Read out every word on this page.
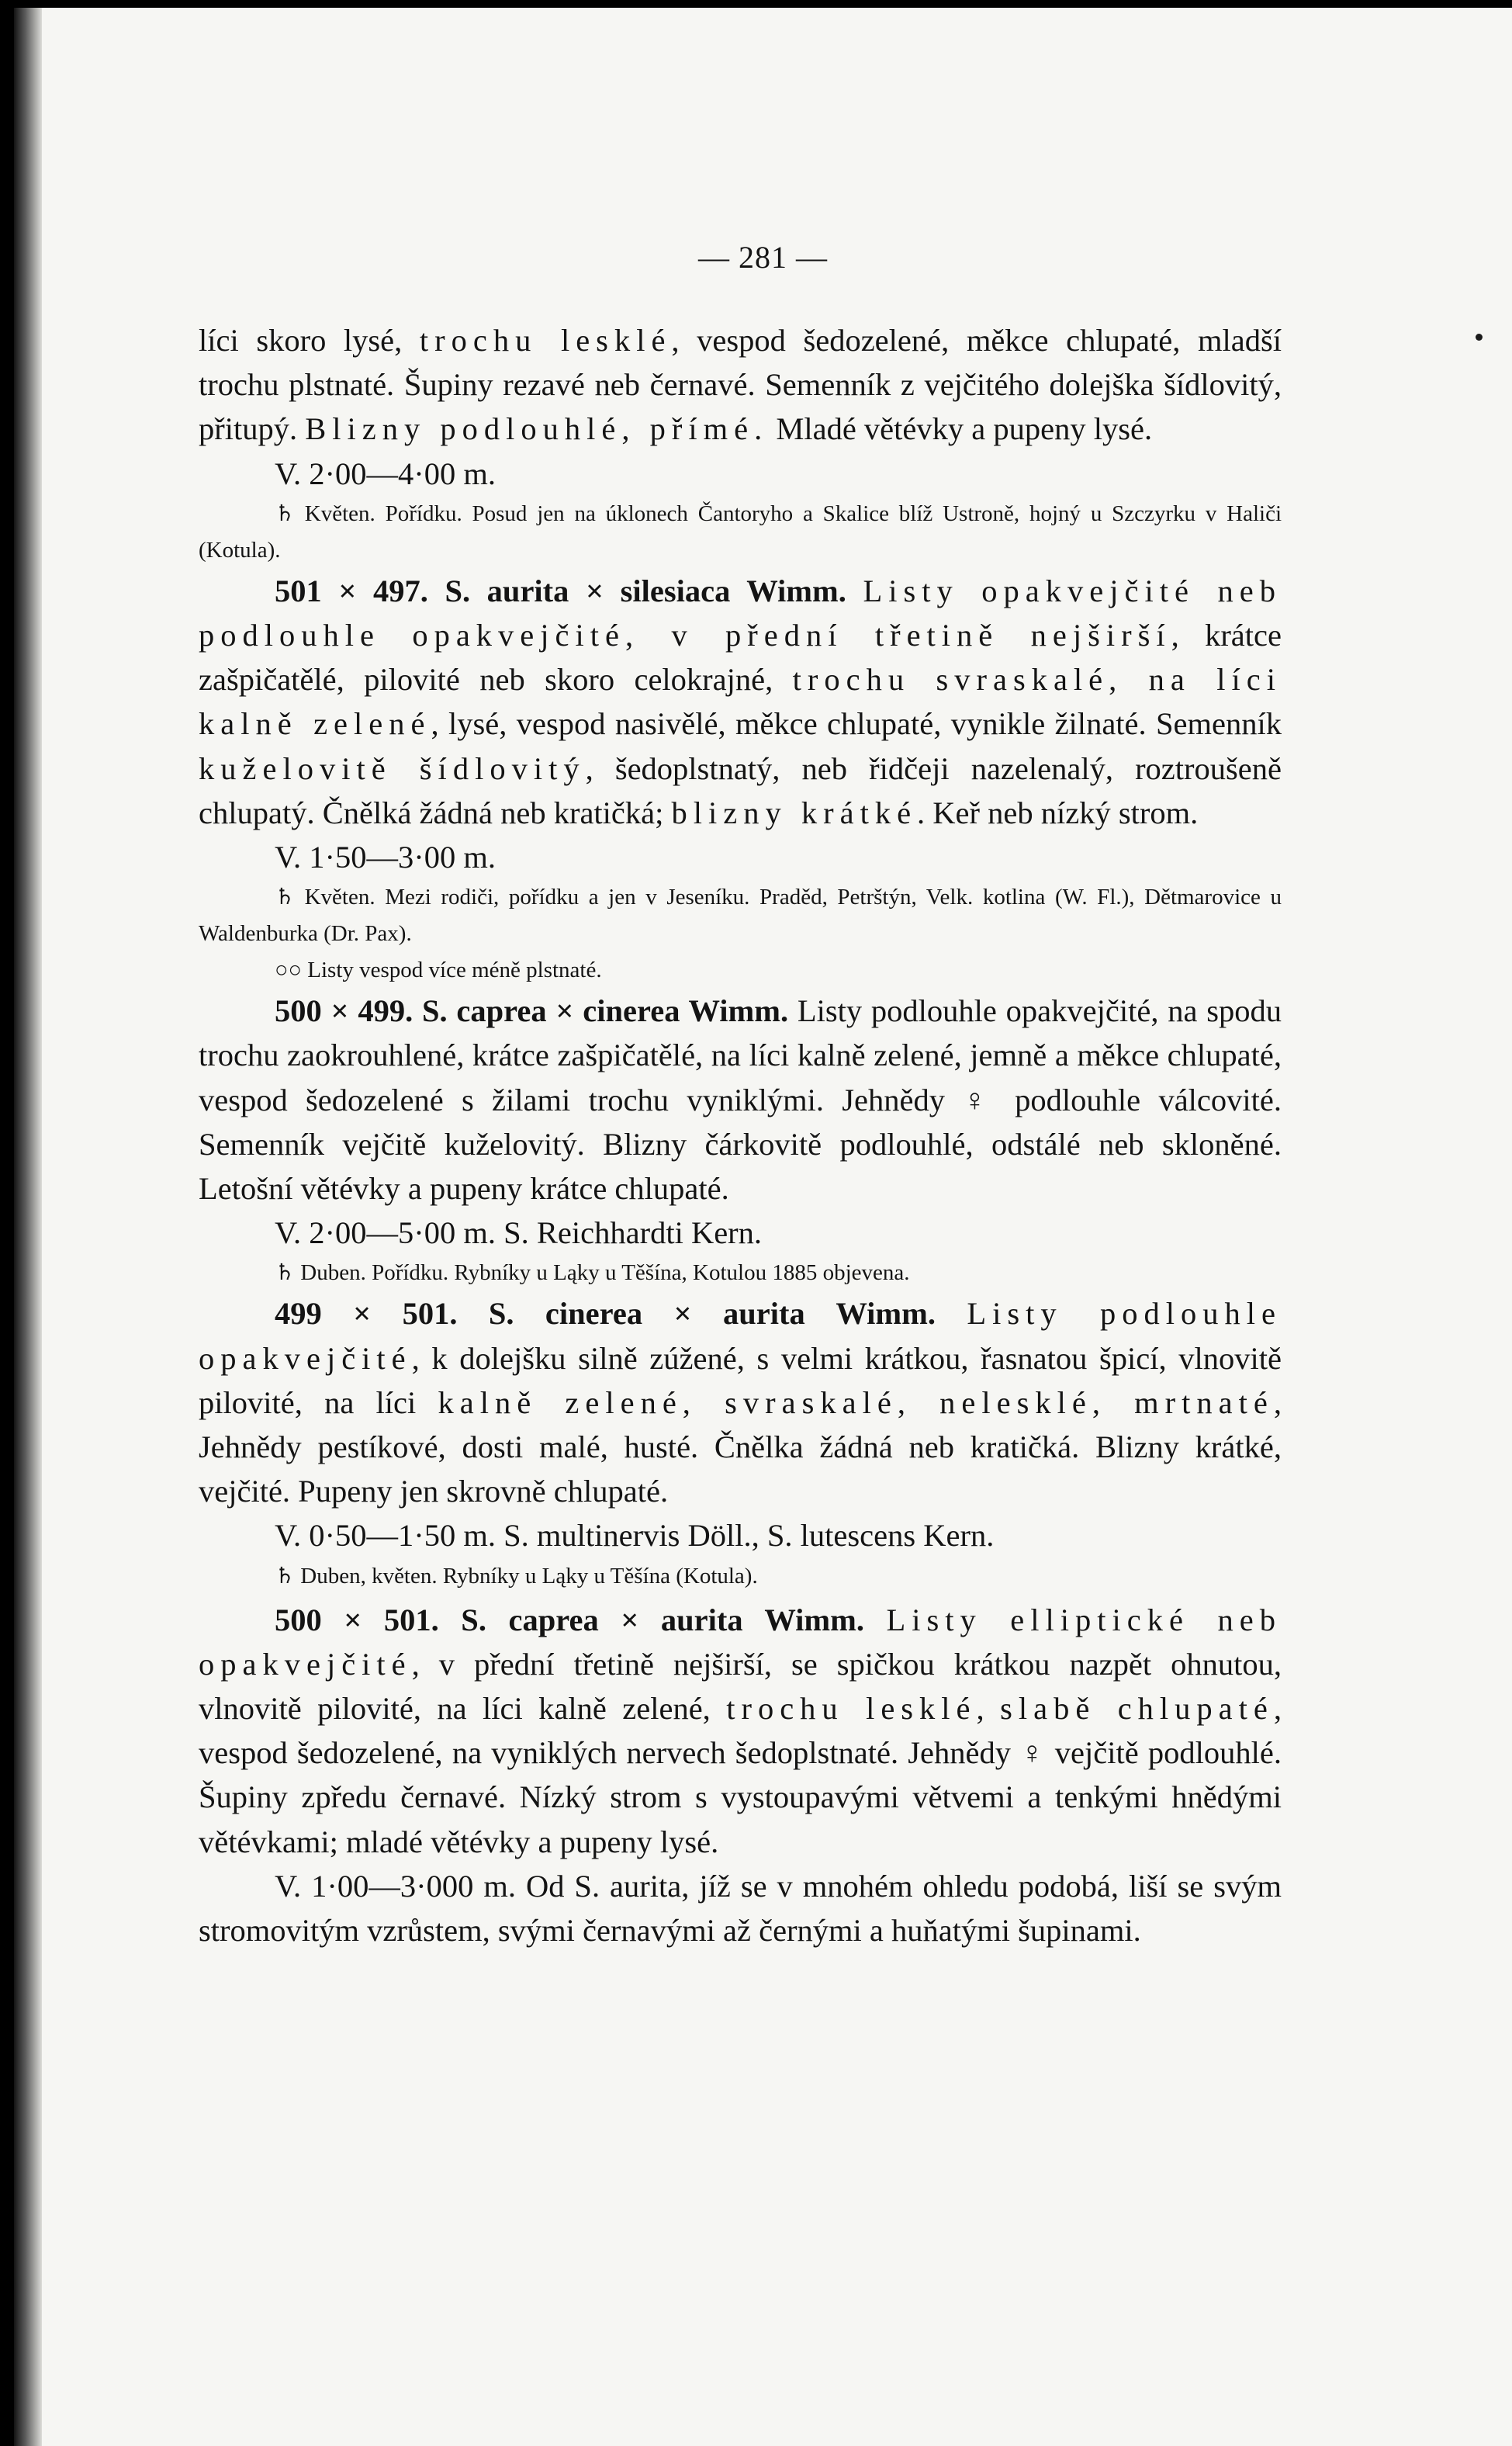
— 281 —

líci skoro lysé, trochu lesklé, vespod šedozelené, měkce chlupaté, mladší trochu plstnaté. Šupiny rezavé neb černavé. Semenník z vejčitého dolejška šídlovitý, přitupý. Blizny podlouhlé, přímé. Mladé větévky a pupeny lysé.

V. 2·00—4·00 m.

♄ Květen. Pořídku. Posud jen na úklonech Čantoryho a Skalice blíž Ustroně, hojný u Szczyrku v Haliči (Kotula).

501 × 497. S. aurita × silesiaca Wimm. Listy opakvejčité neb podlouhle opakvejčité, v přední třetině nejširší, krátce zašpičatělé, pilovité neb skoro celokrajné, trochu svraskalé, na líci kalně zelené, lysé, vespod nasivělé, měkce chlupaté, vynikle žilnaté. Semenník kuželovitě šídlovitý, šedoplstnatý, neb řidčeji nazelenalý, roztroušeně chlupatý. Čnělká žádná neb kratičká; blizny krátké. Keř neb nízký strom.

V. 1·50—3·00 m.

♄ Květen. Mezi rodiči, pořídku a jen v Jeseníku. Praděd, Petrštýn, Velk. kotlina (W. Fl.), Dětmarovice u Waldenburka (Dr. Pax).

○○ Listy vespod více méně plstnaté.

500 × 499. S. caprea × cinerea Wimm. Listy podlouhle opakvejčité, na spodu trochu zaokrouhlené, krátce zašpičatělé, na líci kalně zelené, jemně a měkce chlupaté, vespod šedozelené s žilami trochu vyniklými. Jehnědy ♀ podlouhle válcovité. Semenník vejčitě kuželovitý. Blizny čárkovitě podlouhlé, odstálé neb skloněné. Letošní větévky a pupeny krátce chlupaté.

V. 2·00—5·00 m. S. Reichhardti Kern.

♄ Duben. Pořídku. Rybníky u Ląky u Těšína, Kotulou 1885 objevena.

499 × 501. S. cinerea × aurita Wimm. Listy podlouhle opakvejčité, k dolejšku silně zúžené, s velmi krátkou, řasnatou špicí, vlnovitě pilovité, na líci kalně zelené, svraskalé, nelesklé, mrtnaté, Jehnědy pestíkové, dosti malé, husté. Čnělka žádná neb kratičká. Blizny krátké, vejčité. Pupeny jen skrovně chlupaté.

V. 0·50—1·50 m. S. multinervis Döll., S. lutescens Kern.

♄ Duben, květen. Rybníky u Ląky u Těšína (Kotula).

500 × 501. S. caprea × aurita Wimm. Listy elliptické neb opakvejčité, v přední třetině nejširší, se spičkou krátkou nazpět ohnutou, vlnovitě pilovité, na líci kalně zelené, trochu lesklé, slabě chlupaté, vespod šedozelené, na vyniklých nervech šedoplstnaté. Jehnědy ♀ vejčitě podlouhlé. Šupiny zpředu černavé. Nízký strom s vystoupavými větvemi a tenkými hnědými větévkami; mladé větévky a pupeny lysé.

V. 1·00—3·000 m. Od S. aurita, jíž se v mnohém ohledu podobá, liší se svým stromovitým vzrůstem, svými černavými až černými a huňatými šupinami.
